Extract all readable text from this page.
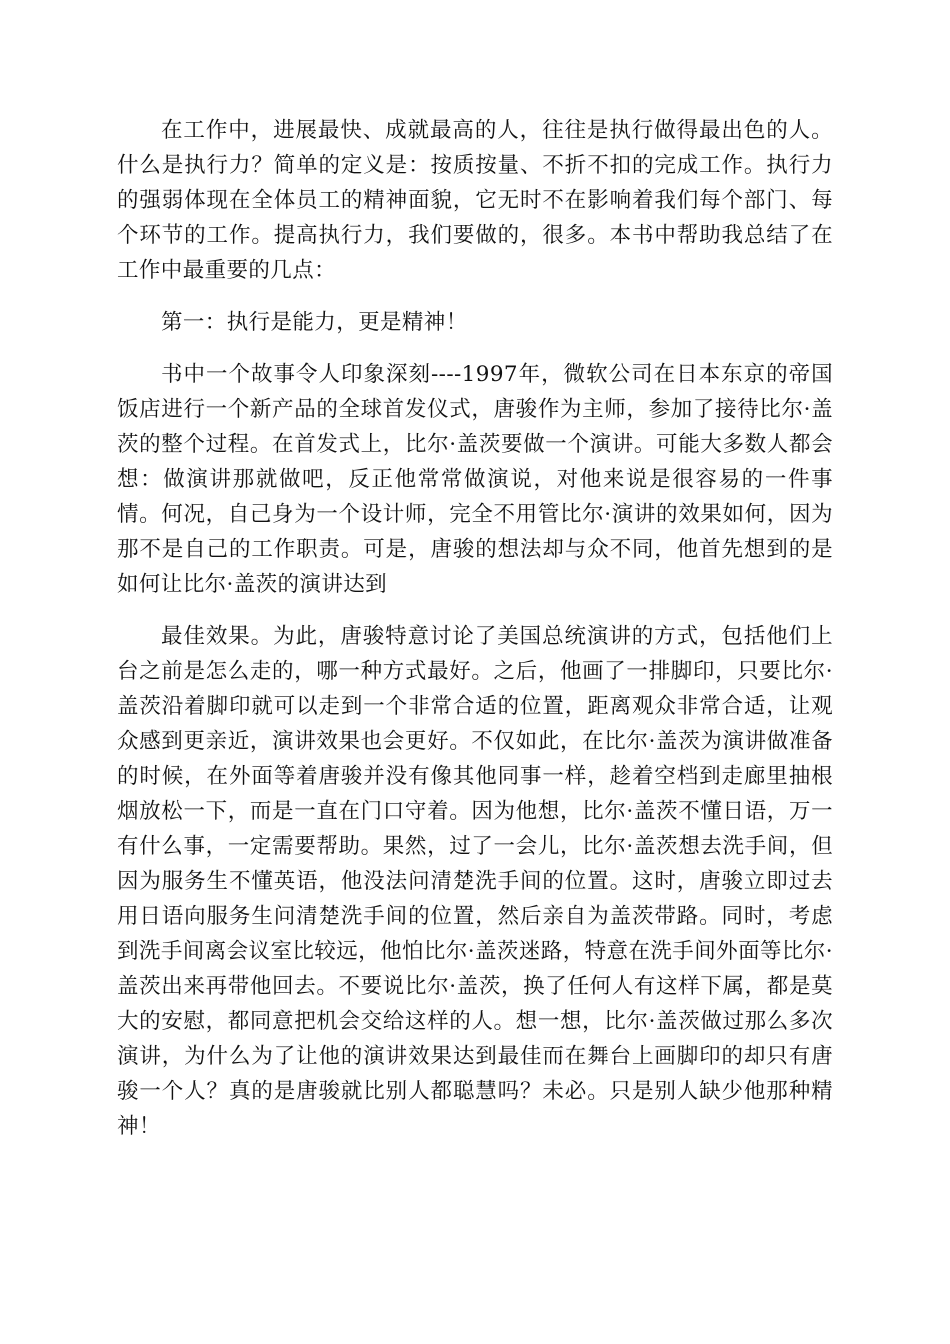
在工作中，进展最快、成就最高的人，往往是执行做得最出色的人。什么是执行力？简单的定义是：按质按量、不折不扣的完成工作。执行力的强弱体现在全体员工的精神面貌，它无时不在影响着我们每个部门、每个环节的工作。提高执行力，我们要做的，很多。本书中帮助我总结了在工作中最重要的几点：

第一：执行是能力，更是精神！

书中一个故事令人印象深刻----1997年，微软公司在日本东京的帝国饭店进行一个新产品的全球首发仪式，唐骏作为主师，参加了接待比尔·盖茨的整个过程。在首发式上，比尔·盖茨要做一个演讲。可能大多数人都会想：做演讲那就做吧，反正他常常做演说，对他来说是很容易的一件事情。何况，自己身为一个设计师，完全不用管比尔·演讲的效果如何，因为那不是自己的工作职责。可是，唐骏的想法却与众不同，他首先想到的是如何让比尔·盖茨的演讲达到

最佳效果。为此，唐骏特意讨论了美国总统演讲的方式，包括他们上台之前是怎么走的，哪一种方式最好。之后，他画了一排脚印，只要比尔·盖茨沿着脚印就可以走到一个非常合适的位置，距离观众非常合适，让观众感到更亲近，演讲效果也会更好。不仅如此，在比尔·盖茨为演讲做准备的时候，在外面等着唐骏并没有像其他同事一样，趁着空档到走廊里抽根烟放松一下，而是一直在门口守着。因为他想，比尔·盖茨不懂日语，万一有什么事，一定需要帮助。果然，过了一会儿，比尔·盖茨想去洗手间，但因为服务生不懂英语，他没法问清楚洗手间的位置。这时，唐骏立即过去用日语向服务生问清楚洗手间的位置，然后亲自为盖茨带路。同时，考虑到洗手间离会议室比较远，他怕比尔·盖茨迷路，特意在洗手间外面等比尔·盖茨出来再带他回去。不要说比尔·盖茨，换了任何人有这样下属，都是莫大的安慰，都同意把机会交给这样的人。想一想，比尔·盖茨做过那么多次演讲，为什么为了让他的演讲效果达到最佳而在舞台上画脚印的却只有唐骏一个人？真的是唐骏就比别人都聪慧吗？未必。只是别人缺少他那种精神！
